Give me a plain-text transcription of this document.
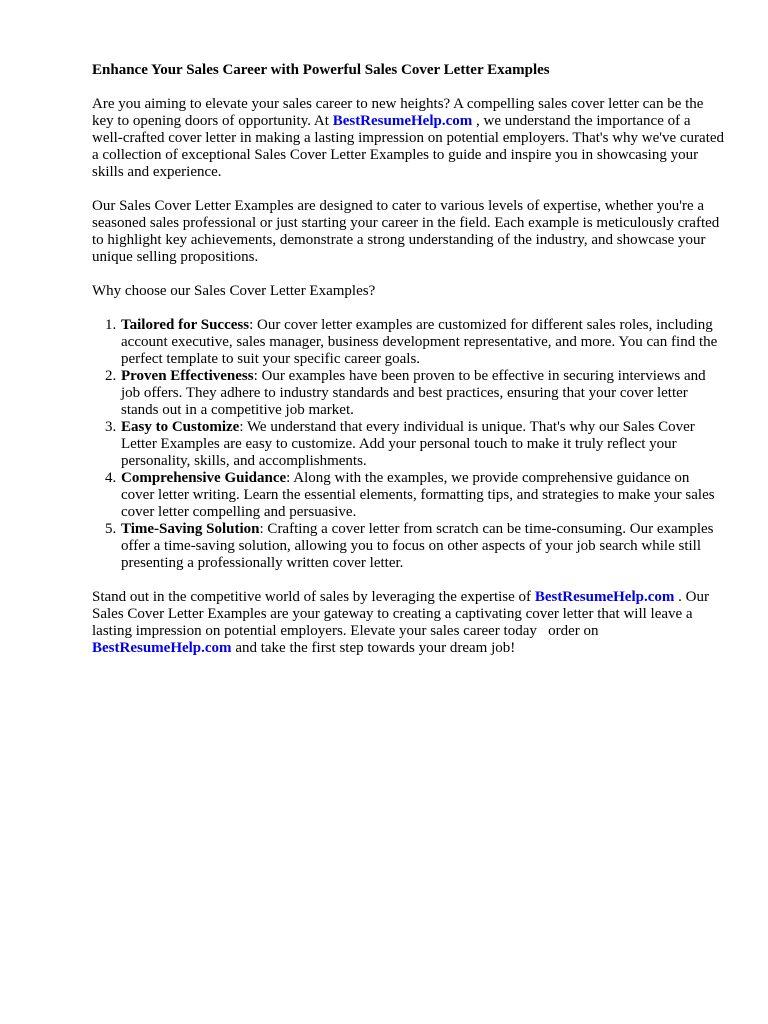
Enhance Your Sales Career with Powerful Sales Cover Letter Examples

Are you aiming to elevate your sales career to new heights? A compelling sales cover letter can be the key to opening doors of opportunity. At BestResumeHelp.com , we understand the importance of a well-crafted cover letter in making a lasting impression on potential employers. That's why we've curated a collection of exceptional Sales Cover Letter Examples to guide and inspire you in showcasing your skills and experience.

Our Sales Cover Letter Examples are designed to cater to various levels of expertise, whether you're a seasoned sales professional or just starting your career in the field. Each example is meticulously crafted to highlight key achievements, demonstrate a strong understanding of the industry, and showcase your unique selling propositions.

Why choose our Sales Cover Letter Examples?

1. Tailored for Success: Our cover letter examples are customized for different sales roles, including account executive, sales manager, business development representative, and more. You can find the perfect template to suit your specific career goals.
2. Proven Effectiveness: Our examples have been proven to be effective in securing interviews and job offers. They adhere to industry standards and best practices, ensuring that your cover letter stands out in a competitive job market.
3. Easy to Customize: We understand that every individual is unique. That's why our Sales Cover Letter Examples are easy to customize. Add your personal touch to make it truly reflect your personality, skills, and accomplishments.
4. Comprehensive Guidance: Along with the examples, we provide comprehensive guidance on cover letter writing. Learn the essential elements, formatting tips, and strategies to make your sales cover letter compelling and persuasive.
5. Time-Saving Solution: Crafting a cover letter from scratch can be time-consuming. Our examples offer a time-saving solution, allowing you to focus on other aspects of your job search while still presenting a professionally written cover letter.

Stand out in the competitive world of sales by leveraging the expertise of BestResumeHelp.com . Our Sales Cover Letter Examples are your gateway to creating a captivating cover letter that will leave a lasting impression on potential employers. Elevate your sales career today   order on BestResumeHelp.com and take the first step towards your dream job!
